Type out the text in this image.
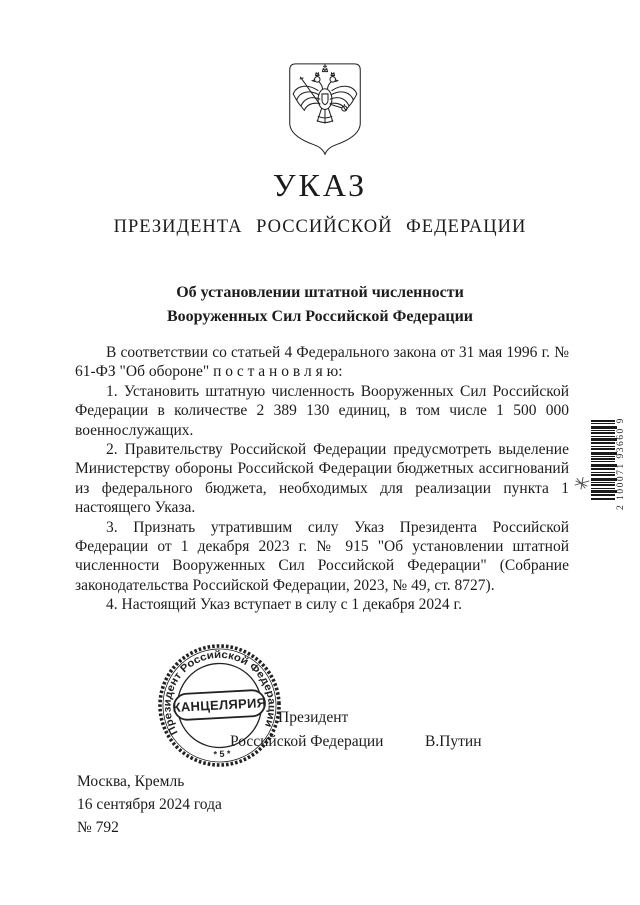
УКАЗ
ПРЕЗИДЕНТА РОССИЙСКОЙ ФЕДЕРАЦИИ
Об установлении штатной численности
Вооруженных Сил Российской Федерации

В соответствии со статьей 4 Федерального закона от 31 мая 1996 г. № 61-ФЗ "Об обороне" п о с т а н о в л я ю:

1. Установить штатную численность Вооруженных Сил Российской Федерации в количестве 2 389 130 единиц, в том числе 1 500 000 военнослужащих.

2. Правительству Российской Федерации предусмотреть выделение Министерству обороны Российской Федерации бюджетных ассигнований из федерального бюджета, необходимых для реализации пункта 1 настоящего Указа.

3. Признать утратившим силу Указ Президента Российской Федерации от 1 декабря 2023 г. № 915 "Об установлении штатной численности Вооруженных Сил Российской Федерации" (Собрание законодательства Российской Федерации, 2023, № 49, ст. 8727).

4. Настоящий Указ вступает в силу с 1 декабря 2024 г.

Президент
Российской Федерации	В.Путин
Президент Российской Федерации
* 5 *
КАНЦЕЛЯРИЯ
Москва, Кремль
16 сентября 2024 года
№ 792
2 100071 93660 9
